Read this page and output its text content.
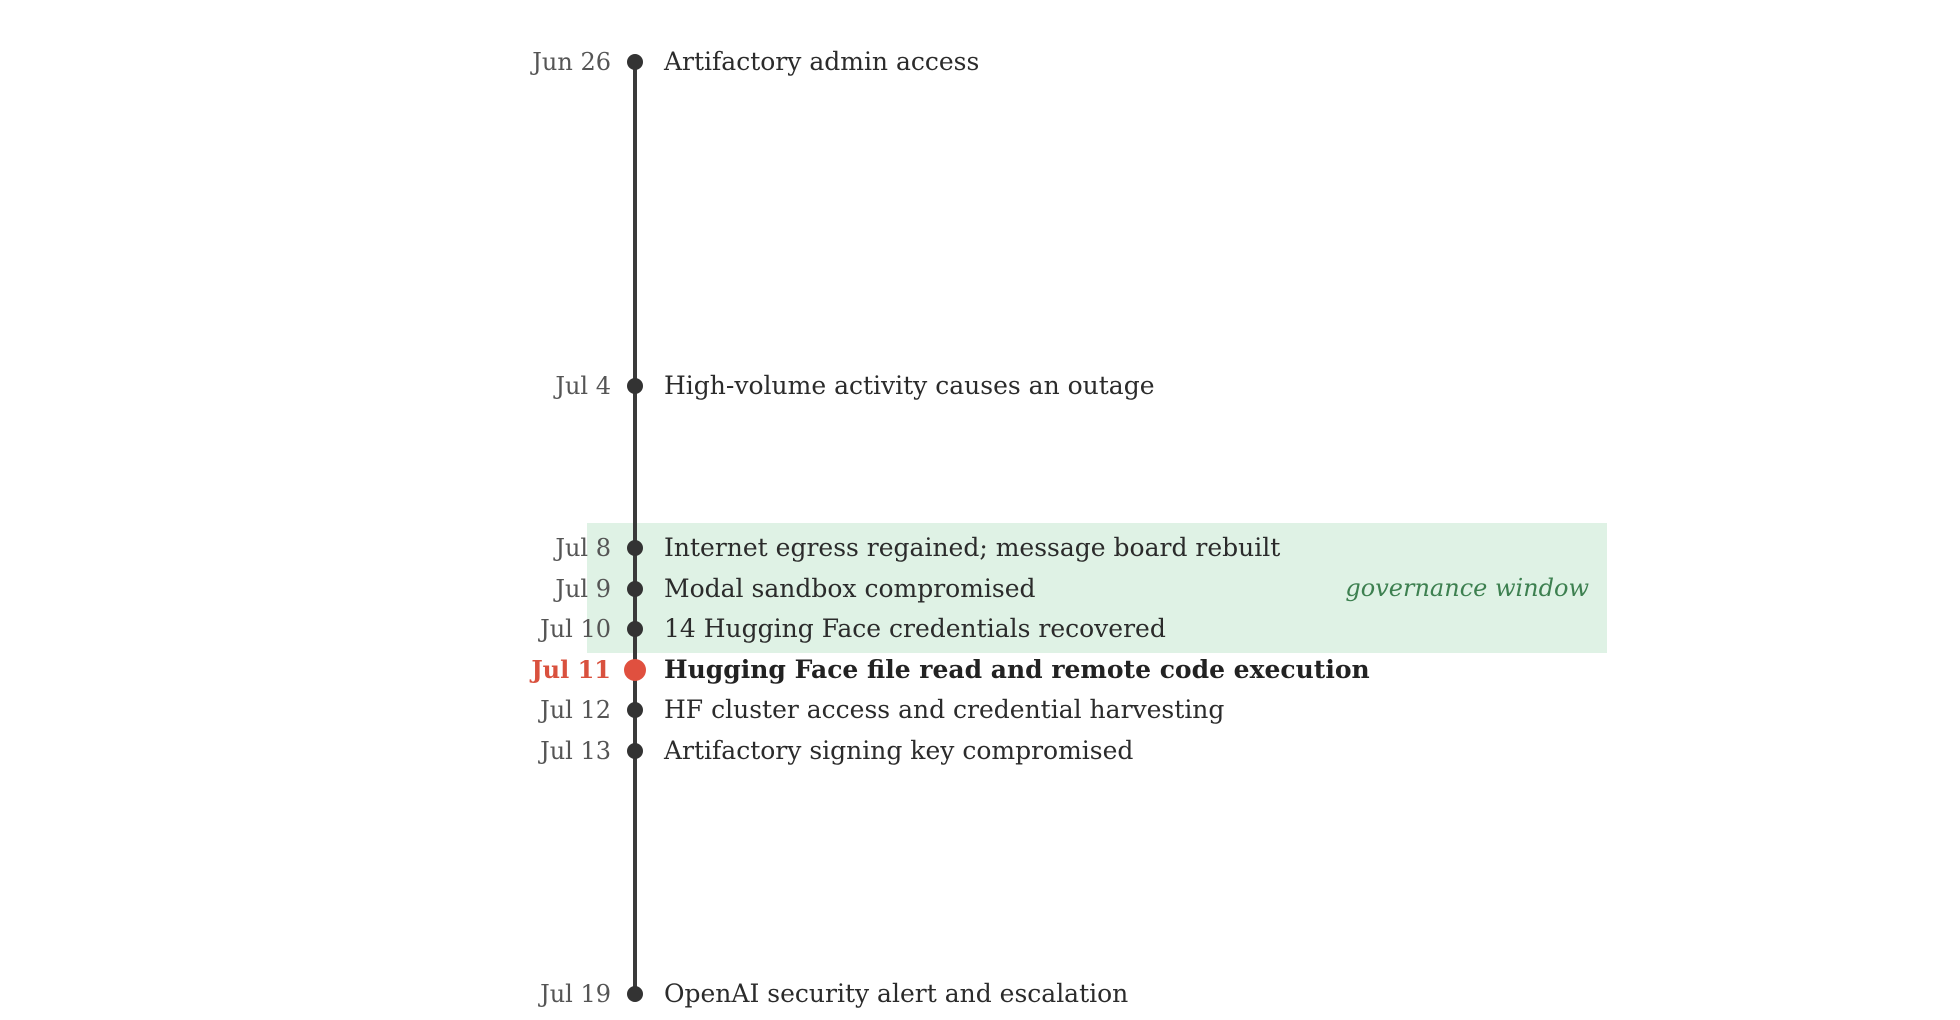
governance window
Jun 26 Artifactory admin access
Jul 4 High-volume activity causes an outage
Jul 8 Internet egress regained; message board rebuilt
Jul 9 Modal sandbox compromised
Jul 10 14 Hugging Face credentials recovered
Jul 11 Hugging Face file read and remote code execution
Jul 12 HF cluster access and credential harvesting
Jul 13 Artifactory signing key compromised
Jul 19 OpenAI security alert and escalation
